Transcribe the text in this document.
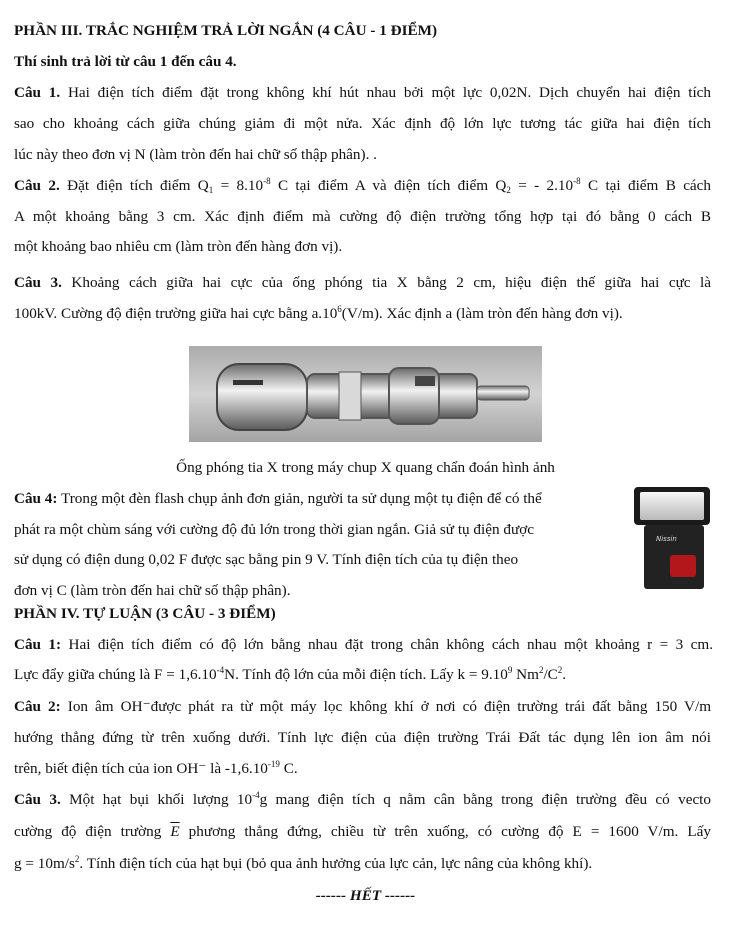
PHẦN III. TRẮC NGHIỆM TRẢ LỜI NGẮN (4 CÂU - 1 ĐIỂM)
Thí sinh trả lời từ câu 1 đến câu 4.
Câu 1. Hai điện tích điểm đặt trong không khí hút nhau bởi một lực 0,02N. Dịch chuyển hai điện tích
sao cho khoảng cách giữa chúng giảm đi một nửa. Xác định độ lớn lực tương tác giữa hai điện tích
lúc này theo đơn vị N (làm tròn đến hai chữ số thập phân). .
Câu 2. Đặt điện tích điểm $Q_1 = 8.10^{-8}$ C tại điểm A và điện tích điểm $Q_2$ = - $2.10^{-8}$ C tại điểm B cách
A một khoảng bằng 3 cm. Xác định điểm mà cường độ điện trường tổng hợp tại đó bằng 0 cách B
một khoảng bao nhiêu cm (làm tròn đến hàng đơn vị).
Câu 3. Khoảng cách giữa hai cực của ống phóng tia X bằng 2 cm, hiệu điện thế giữa hai cực là
100kV. Cường độ điện trường giữa hai cực bằng $a.10^6(V/m)$. Xác định a (làm tròn đến hàng đơn vị).
Ống phóng tia X trong máy chup X quang chẩn đoán hình ảnh
Câu 4: Trong một đèn flash chụp ảnh đơn giản, người ta sử dụng một tụ điện để có thể
phát ra một chùm sáng với cường độ đủ lớn trong thời gian ngắn. Giả sử tụ điện được
sử dụng có điện dung 0,02 F được sạc bằng pin 9 V. Tính điện tích của tụ điện theo
đơn vị C (làm tròn đến hai chữ số thập phân).
Nissin
PHẦN IV. TỰ LUẬN (3 CÂU - 3 ĐIỂM)
Câu 1: Hai điện tích điểm có độ lớn bằng nhau đặt trong chân không cách nhau một khoảng r = 3 cm.
Lực đẩy giữa chúng là $F = 1,6.10^{-4}N$. Tính độ lớn của mỗi điện tích. Lấy $k = 9.10^9$ $Nm^2/C^2$.
Câu 2: Ion âm OH⁻được phát ra từ một máy lọc không khí ở nơi có điện trường trái đất bằng 150 V/m
hướng thẳng đứng từ trên xuống dưới. Tính lực điện của điện trường Trái Đất tác dụng lên ion âm nói
trên, biết điện tích của ion OH⁻ là $-1,6.10^{-19}$ C.
Câu 3. Một hạt bụi khối lượng $10^{-4}g$ mang điện tích q nằm cân bằng trong điện trường đều có vecto
cường độ điện trường $\overline{E}$ phương thẳng đứng, chiều từ trên xuống, có cường độ E = 1600 V/m. Lấy
$g = 10m/s^2$. Tính điện tích của hạt bụi (bỏ qua ảnh hưởng của lực cản, lực nâng của không khí).
------ HẾT ------
